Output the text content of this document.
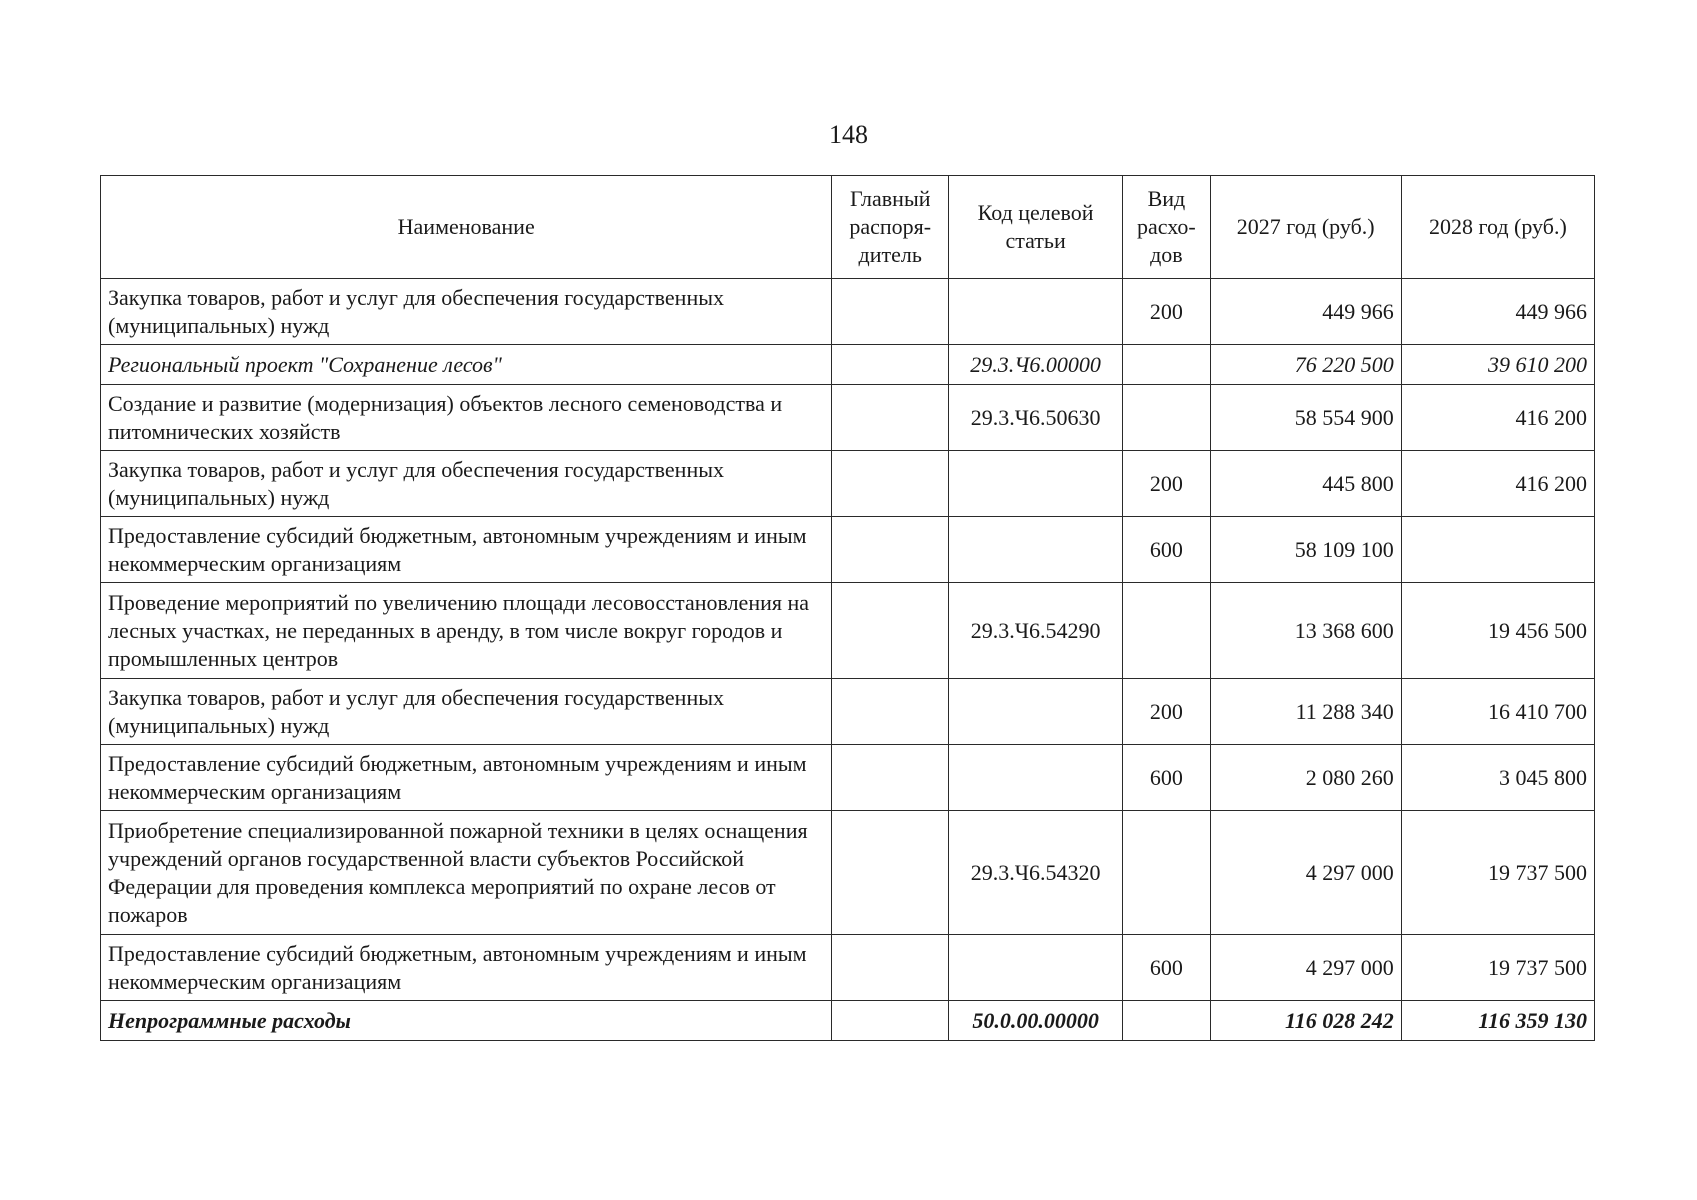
148
Наименование	Главный распоря- дитель	Код целевой статьи	Вид расхо- дов	2027 год (руб.)	2028 год (руб.)
Закупка товаров, работ и услуг для обеспечения государственных (муниципальных) нужд			200	449 966	449 966
Региональный проект "Сохранение лесов"		29.3.Ч6.00000		76 220 500	39 610 200
Создание и развитие (модернизация) объектов лесного семеноводства и питомнических хозяйств		29.3.Ч6.50630		58 554 900	416 200
Закупка товаров, работ и услуг для обеспечения государственных (муниципальных) нужд			200	445 800	416 200
Предоставление субсидий бюджетным, автономным учреждениям и иным некоммерческим организациям			600	58 109 100	
Проведение мероприятий по увеличению площади лесовосстановления на лесных участках, не переданных в аренду, в том числе вокруг городов и промышленных центров		29.3.Ч6.54290		13 368 600	19 456 500
Закупка товаров, работ и услуг для обеспечения государственных (муниципальных) нужд			200	11 288 340	16 410 700
Предоставление субсидий бюджетным, автономным учреждениям и иным некоммерческим организациям			600	2 080 260	3 045 800
Приобретение специализированной пожарной техники в целях оснащения учреждений органов государственной власти субъектов Российской Федерации для проведения комплекса мероприятий по охране лесов от пожаров		29.3.Ч6.54320		4 297 000	19 737 500
Предоставление субсидий бюджетным, автономным учреждениям и иным некоммерческим организациям			600	4 297 000	19 737 500
Непрограммные расходы		50.0.00.00000		116 028 242	116 359 130
